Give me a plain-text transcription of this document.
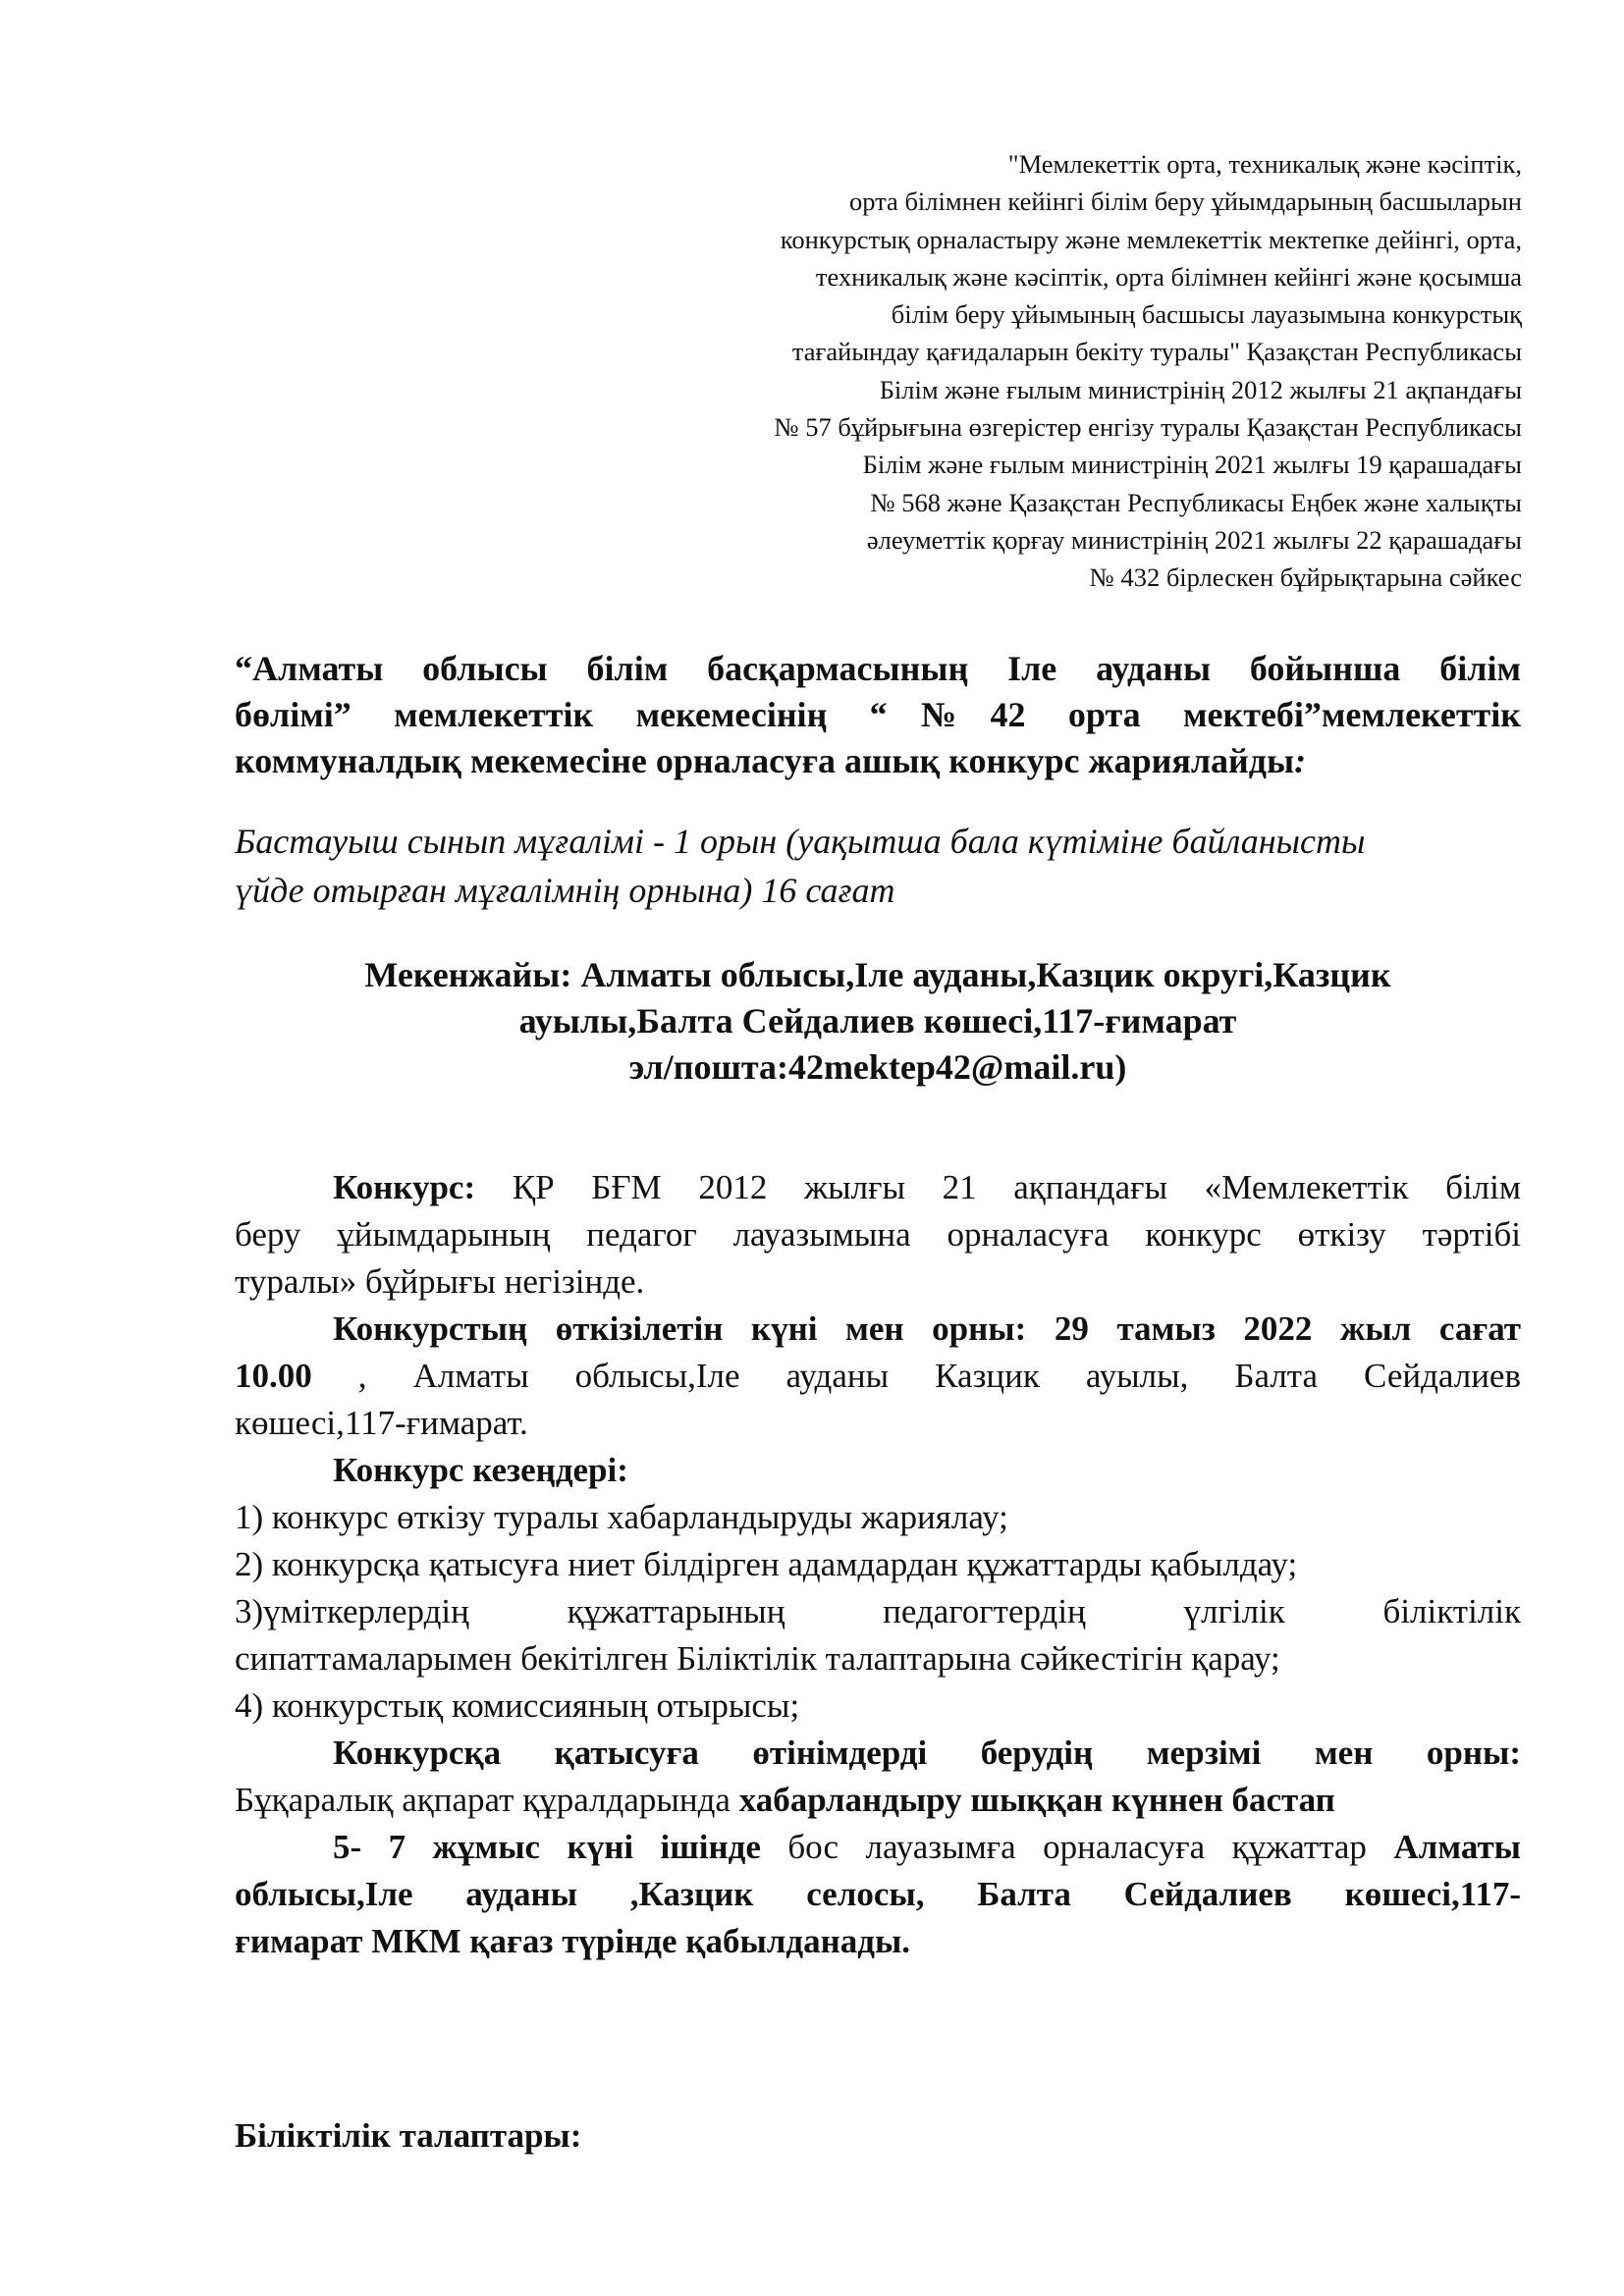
"Мемлекеттік орта, техникалық және кәсіптік,
орта білімнен кейінгі білім беру ұйымдарының басшыларын
конкурстық орналастыру және мемлекеттік мектепке дейінгі, орта,
техникалық және кәсіптік, орта білімнен кейінгі және қосымша
білім беру ұйымының басшысы лауазымына конкурстық
тағайындау қағидаларын бекіту туралы" Қазақстан Республикасы
Білім және ғылым министрінің 2012 жылғы 21 ақпандағы
№ 57 бұйрығына өзгерістер енгізу туралы Қазақстан Республикасы
Білім және ғылым министрінің 2021 жылғы 19 қарашадағы
№ 568 және Қазақстан Республикасы Еңбек және халықты
әлеуметтік қорғау министрінің 2021 жылғы 22 қарашадағы
№ 432 бірлескен бұйрықтарына сәйкес
“Алматы облысы білім басқармасының Іле ауданы бойынша білім
бөлімі” мемлекеттік мекемесінің “№42 орта мектебі”мемлекеттік
коммуналдық мекемесіне орналасуға ашық конкурс жариялайды:
Бастауыш сынып мұғалімі - 1 орын (уақытша бала күтіміне байланысты
үйде отырған мұғалімнің орнына) 16 сағат
Мекенжайы: Алматы облысы,Іле ауданы,Казцик округі,Казцик
ауылы,Балта Сейдалиев көшесі,117-ғимарат
эл/пошта:42mektep42@mail.ru)
Конкурс: ҚР БҒМ 2012 жылғы 21 ақпандағы «Мемлекеттік білім
беру ұйымдарының педагог лауазымына орналасуға конкурс өткізу тәртібі
туралы» бұйрығы негізінде.
Конкурстың өткізілетін күні мен орны: 29 тамыз 2022 жыл сағат
10.00 , Алматы облысы,Іле ауданы Казцик ауылы, Балта Сейдалиев
көшесі,117-ғимарат.
Конкурс кезеңдері:
1) конкурс өткізу туралы хабарландыруды жариялау;
2) конкурсқа қатысуға ниет білдірген адамдардан құжаттарды қабылдау;
3)үміткерлердің құжаттарының педагогтердің үлгілік біліктілік
сипаттамаларымен бекітілген Біліктілік талаптарына сәйкестігін қарау;
4) конкурстық комиссияның отырысы;
Конкурсқа қатысуға өтінімдерді берудің мерзімі мен орны:
Бұқаралық ақпарат құралдарында хабарландыру шыққан күннен бастап
5- 7 жұмыс күні ішінде бос лауазымға орналасуға құжаттар Алматы
облысы,Іле ауданы ,Казцик селосы, Балта Сейдалиев көшесі,117-
ғимарат МКМ қағаз түрінде қабылданады.
Біліктілік талаптары:
